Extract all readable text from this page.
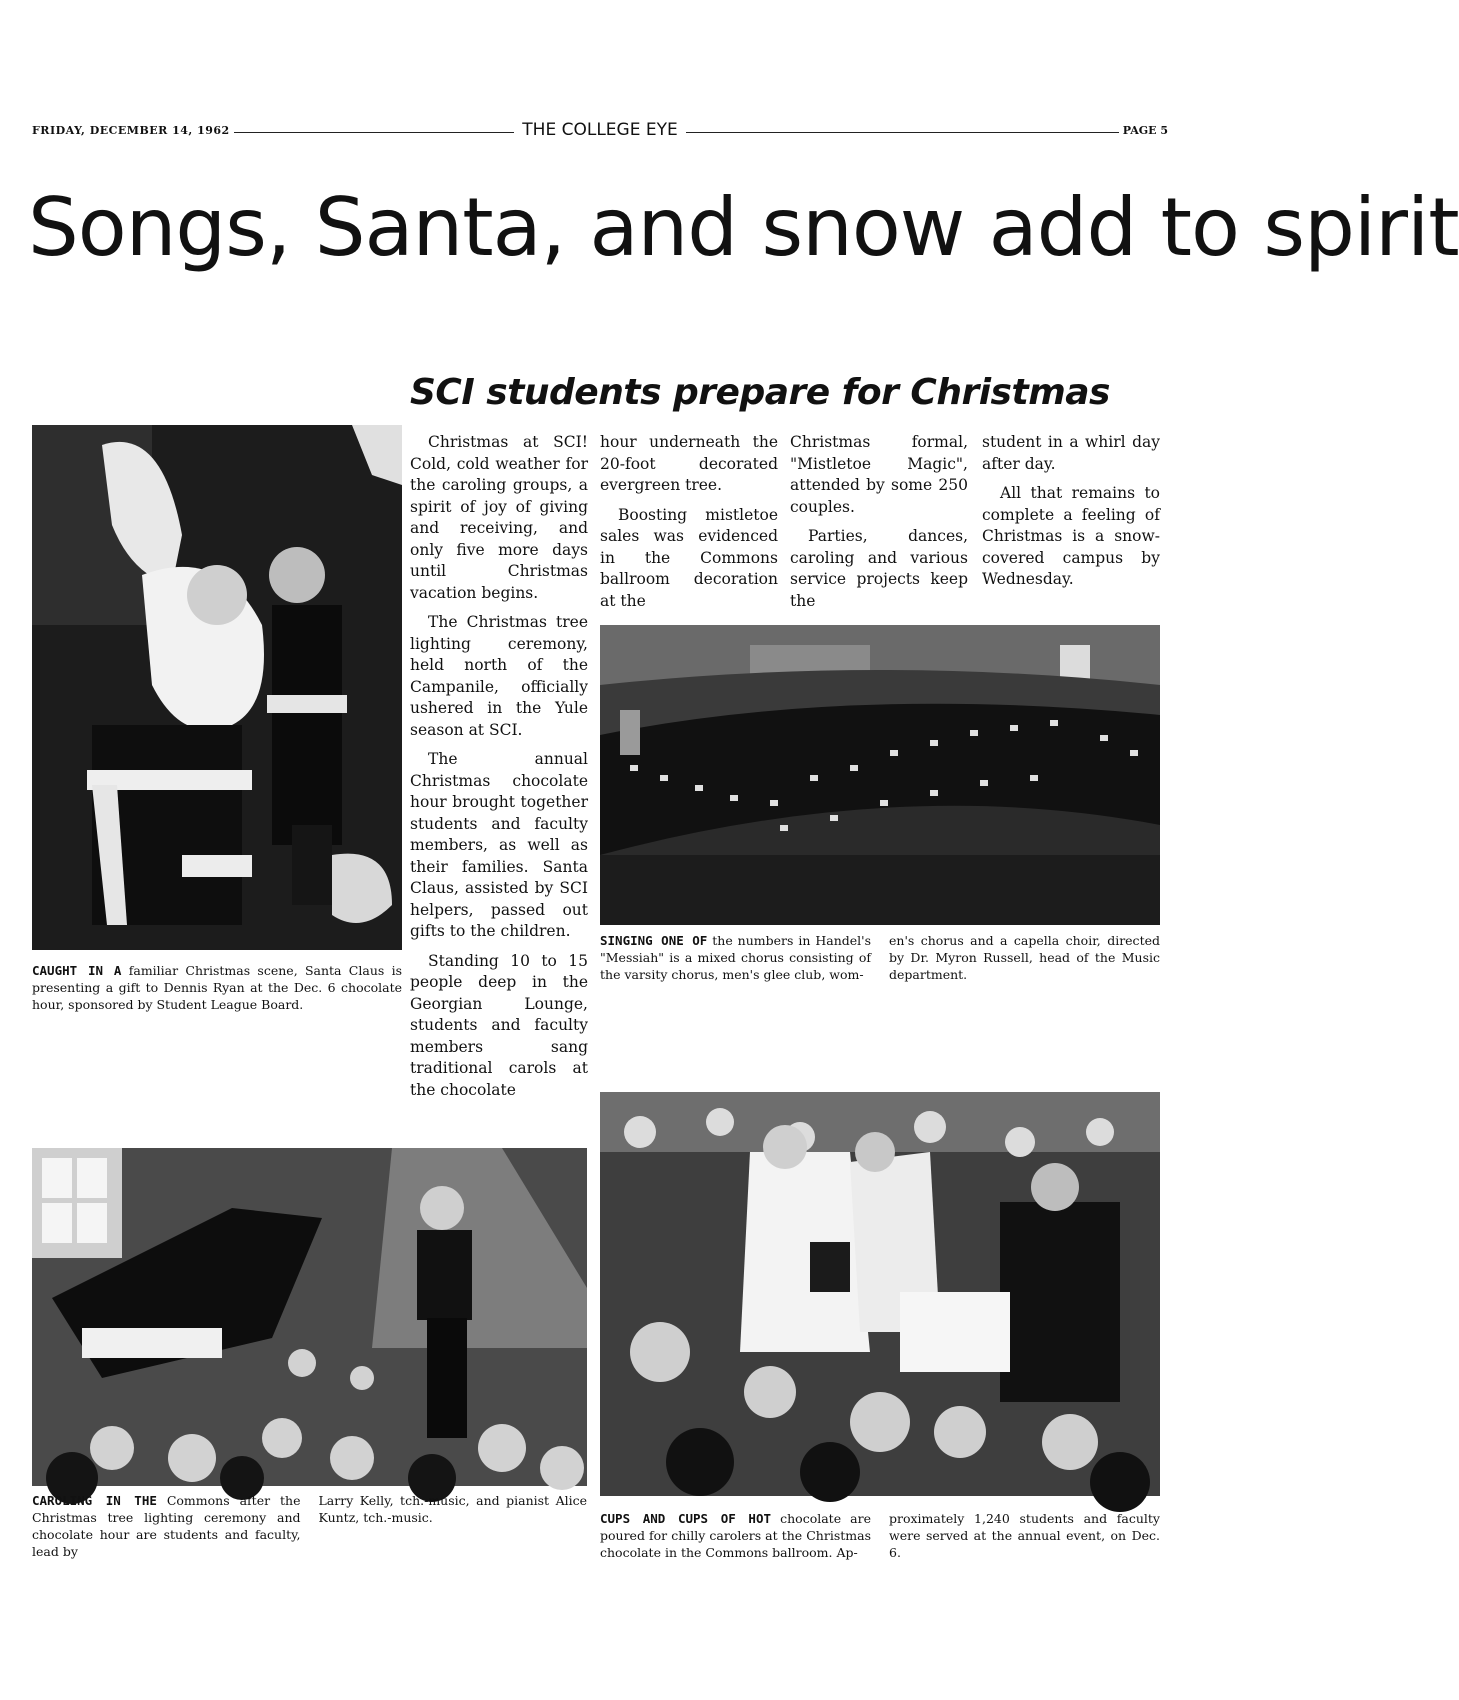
FRIDAY, DECEMBER 14, 1962	THE COLLEGE EYE	PAGE 5
Songs, Santa, and snow add to spirit
SCI students prepare for Christmas
CAUGHT IN A familiar Christmas scene, Santa Claus is presenting a gift to Dennis Ryan at the Dec. 6 chocolate hour, sponsored by Student League Board.

Christmas at SCI! Cold, cold weather for the caroling groups, a spirit of joy of giving and receiving, and only five more days until Christmas vacation begins.

The Christmas tree lighting ceremony, held north of the Campanile, officially ushered in the Yule season at SCI.

The annual Christmas chocolate hour brought together students and faculty members, as well as their families. Santa Claus, assisted by SCI helpers, passed out gifts to the children.

Standing 10 to 15 people deep in the Georgian Lounge, students and faculty members sang traditional carols at the chocolate

hour underneath the 20-foot decorated evergreen tree.

Boosting mistletoe sales was evidenced in the Commons ballroom decoration at the

Christmas formal, "Mistletoe Magic", attended by some 250 couples.

Parties, dances, caroling and various service projects keep the

student in a whirl day after day.

All that remains to complete a feeling of Christmas is a snow-covered campus by Wednesday.

SINGING ONE OF the numbers in Handel's "Messiah" is a mixed chorus consisting of the varsity chorus, men's glee club, wom-
en's chorus and a capella choir, directed by Dr. Myron Russell, head of the Music department.
CAROLING IN THE Commons after the Christmas tree lighting ceremony and chocolate hour are students and faculty, lead by
Larry Kelly, tch.-music, and pianist Alice Kuntz, tch.-music.	CUPS AND CUPS OF HOT chocolate are poured for chilly carolers at the Christmas chocolate in the Commons ballroom. Ap-
proximately 1,240 students and faculty were served at the annual event, on Dec. 6.
